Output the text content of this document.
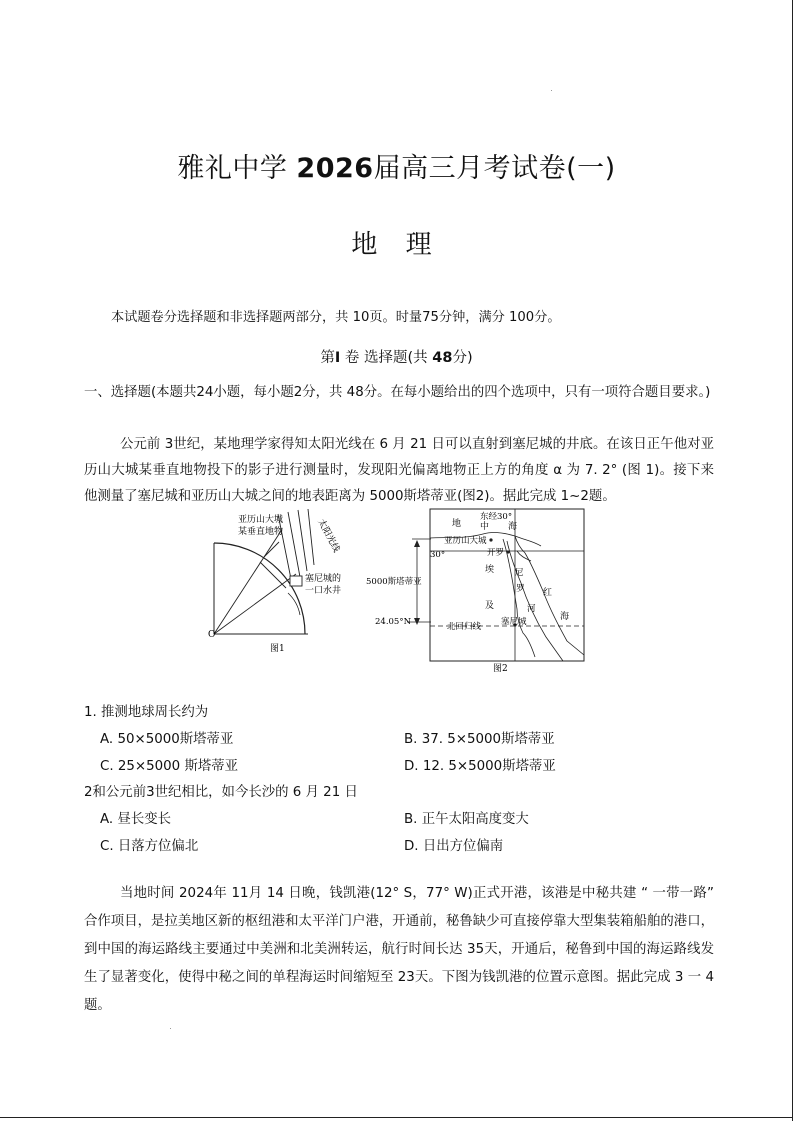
雅礼中学 2026届高三月考试卷(一)
地 理
本试题卷分选择题和非选择题两部分，共 10页。时量75分钟，满分 100分。
第I 卷 选择题(共 48分)

一、选择题(本题共24小题，每小题2分，共 48分。在每小题给出的四个选项中，只有一项符合题目要求。)

公元前 3世纪，某地理学家得知太阳光线在 6 月 21 日可以直射到塞尼城的井底。在该日正午他对亚历山大城某垂直地物投下的影子进行测量时，发现阳光偏离地物正上方的角度 α 为 7. 2° (图 1)。接下来他测量了塞尼城和亚历山大城之间的地表距离为 5000斯塔蒂亚(图2)。据此完成 1~2题。

亚历山大城
某垂直地物	太阳光线
塞尼城的
一口水井
O
图1
东经30°
地 中 海
亚历山大城
开罗
30°
埃
及
尼
罗
河
红
海
5000斯塔蒂亚
24.05°N	北回归线 塞尼城
图2
1. 推测地球周长约为
A. 50×5000斯塔蒂亚	B. 37. 5×5000斯塔蒂亚
C. 25×5000 斯塔蒂亚	D. 12. 5×5000斯塔蒂亚
2和公元前3世纪相比，如今长沙的 6 月 21 日
A. 昼长变长	B. 正午太阳高度变大
C. 日落方位偏北	D. 日出方位偏南

当地时间 2024年 11月 14 日晚，钱凯港(12° S，77° W)正式开港，该港是中秘共建 “ 一带一路” 合作项目，是拉美地区新的枢纽港和太平洋门户港，开通前，秘鲁缺少可直接停靠大型集装箱船舶的港口，到中国的海运路线主要通过中美洲和北美洲转运，航行时间长达 35天，开通后，秘鲁到中国的海运路线发生了显著变化，使得中秘之间的单程海运时间缩短至 23天。下图为钱凯港的位置示意图。据此完成 3 一 4题。
